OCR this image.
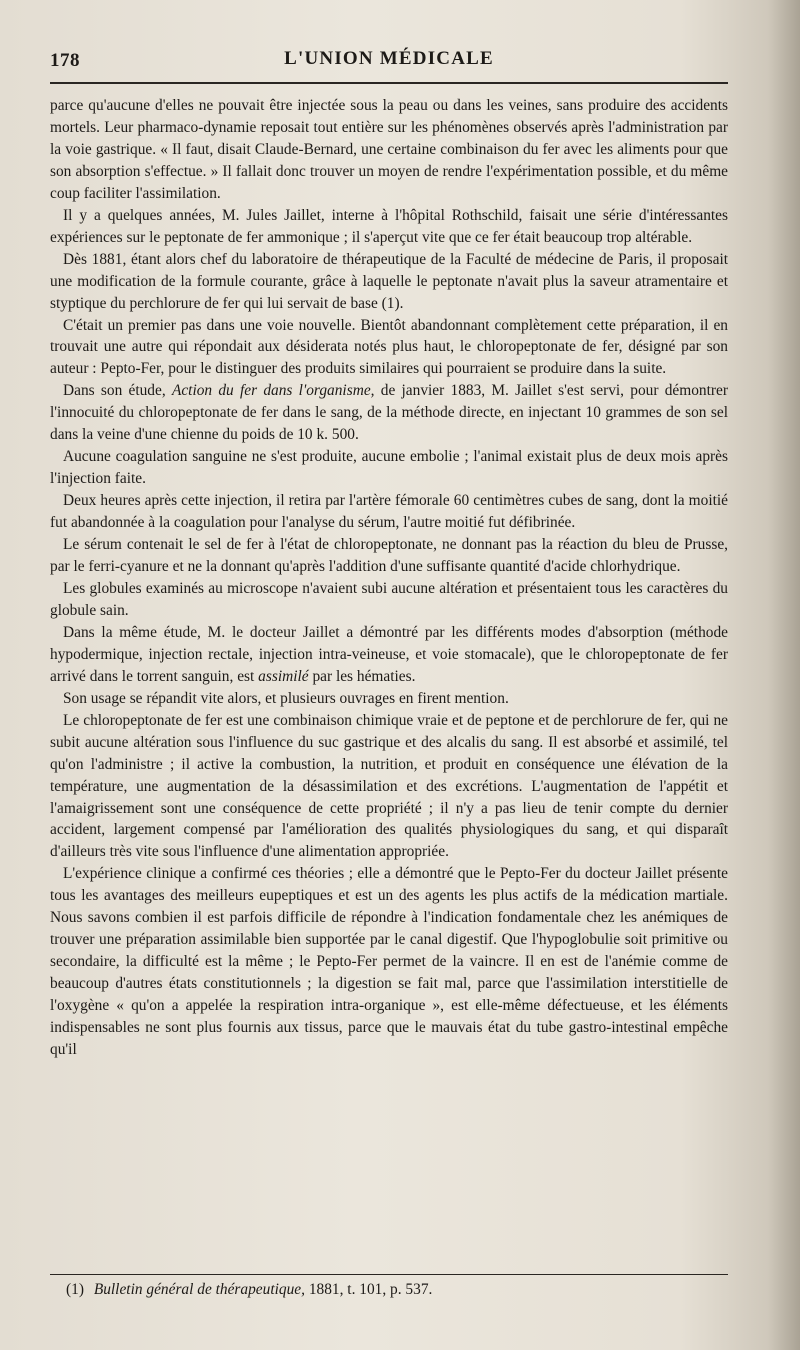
178	L'UNION MÉDICALE

parce qu'aucune d'elles ne pouvait être injectée sous la peau ou dans les veines, sans produire des accidents mortels. Leur pharmaco-dynamie reposait tout entière sur les phénomènes observés après l'administration par la voie gastrique. « Il faut, disait Claude-Bernard, une certaine combinaison du fer avec les aliments pour que son absorption s'effectue. » Il fallait donc trouver un moyen de rendre l'expérimentation possible, et du même coup faciliter l'assimilation.

Il y a quelques années, M. Jules Jaillet, interne à l'hôpital Rothschild, faisait une série d'intéressantes expériences sur le peptonate de fer ammonique ; il s'aperçut vite que ce fer était beaucoup trop altérable.

Dès 1881, étant alors chef du laboratoire de thérapeutique de la Faculté de médecine de Paris, il proposait une modification de la formule courante, grâce à laquelle le peptonate n'avait plus la saveur atramentaire et styptique du perchlorure de fer qui lui servait de base (1).

C'était un premier pas dans une voie nouvelle. Bientôt abandonnant complètement cette préparation, il en trouvait une autre qui répondait aux désiderata notés plus haut, le chloropeptonate de fer, désigné par son auteur : Pepto-Fer, pour le distinguer des produits similaires qui pourraient se produire dans la suite.

Dans son étude, Action du fer dans l'organisme, de janvier 1883, M. Jaillet s'est servi, pour démontrer l'innocuité du chloropeptonate de fer dans le sang, de la méthode directe, en injectant 10 grammes de son sel dans la veine d'une chienne du poids de 10 k. 500.

Aucune coagulation sanguine ne s'est produite, aucune embolie ; l'animal existait plus de deux mois après l'injection faite.

Deux heures après cette injection, il retira par l'artère fémorale 60 centimètres cubes de sang, dont la moitié fut abandonnée à la coagulation pour l'analyse du sérum, l'autre moitié fut défibrinée.

Le sérum contenait le sel de fer à l'état de chloropeptonate, ne donnant pas la réaction du bleu de Prusse, par le ferri-cyanure et ne la donnant qu'après l'addition d'une suffisante quantité d'acide chlorhydrique.

Les globules examinés au microscope n'avaient subi aucune altération et présentaient tous les caractères du globule sain.

Dans la même étude, M. le docteur Jaillet a démontré par les différents modes d'absorption (méthode hypodermique, injection rectale, injection intra-veineuse, et voie stomacale), que le chloropeptonate de fer arrivé dans le torrent sanguin, est assimilé par les hématies.

Son usage se répandit vite alors, et plusieurs ouvrages en firent mention.

Le chloropeptonate de fer est une combinaison chimique vraie et de peptone et de perchlorure de fer, qui ne subit aucune altération sous l'influence du suc gastrique et des alcalis du sang. Il est absorbé et assimilé, tel qu'on l'administre ; il active la combustion, la nutrition, et produit en conséquence une élévation de la température, une augmentation de la désassimilation et des excrétions. L'augmentation de l'appétit et l'amaigrissement sont une conséquence de cette propriété ; il n'y a pas lieu de tenir compte du dernier accident, largement compensé par l'amélioration des qualités physiologiques du sang, et qui disparaît d'ailleurs très vite sous l'influence d'une alimentation appropriée.

L'expérience clinique a confirmé ces théories ; elle a démontré que le Pepto-Fer du docteur Jaillet présente tous les avantages des meilleurs eupeptiques et est un des agents les plus actifs de la médication martiale. Nous savons combien il est parfois difficile de répondre à l'indication fondamentale chez les anémiques de trouver une préparation assimilable bien supportée par le canal digestif. Que l'hypoglobulie soit primitive ou secondaire, la difficulté est la même ; le Pepto-Fer permet de la vaincre. Il en est de l'anémie comme de beaucoup d'autres états constitutionnels ; la digestion se fait mal, parce que l'assimilation interstitielle de l'oxygène « qu'on a appelée la respiration intra-organique », est elle-même défectueuse, et les éléments indispensables ne sont plus fournis aux tissus, parce que le mauvais état du tube gastro-intestinal empêche qu'il

(1) Bulletin général de thérapeutique, 1881, t. 101, p. 537.
